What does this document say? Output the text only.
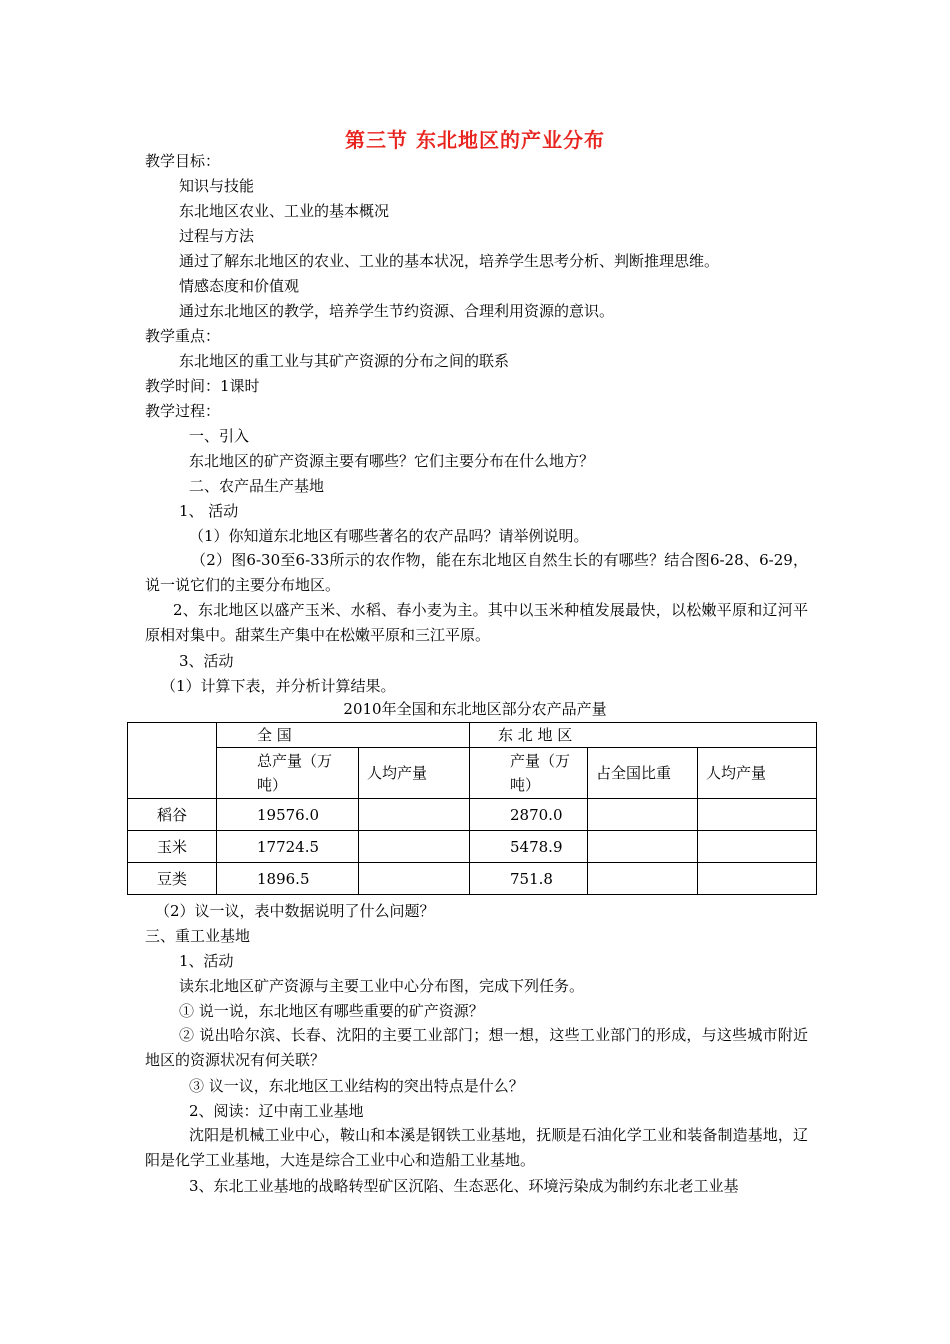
第三节 东北地区的产业分布
教学目标：
知识与技能
东北地区农业、工业的基本概况
过程与方法
通过了解东北地区的农业、工业的基本状况，培养学生思考分析、判断推理思维。
情感态度和价值观
通过东北地区的教学，培养学生节约资源、合理利用资源的意识。
教学重点：
东北地区的重工业与其矿产资源的分布之间的联系
教学时间：1课时
教学过程：
一、引入
东北地区的矿产资源主要有哪些？它们主要分布在什么地方？
二、农产品生产基地
1、 活动
（1）你知道东北地区有哪些著名的农产品吗？请举例说明。
（2）图6-30至6-33所示的农作物，能在东北地区自然生长的有哪些？结合图6-28、6-29，说一说它们的主要分布地区。
2、东北地区以盛产玉米、水稻、春小麦为主。其中以玉米种植发展最快，以松嫩平原和辽河平原相对集中。甜菜生产集中在松嫩平原和三江平原。
3、活动
（1）计算下表，并分析计算结果。
2010年全国和东北地区部分农产品产量
	全 国		东 北 地 区		
	总产量（万吨）	人均产量	产量（万吨）	占全国比重	人均产量
稻谷	19576.0		2870.0		
玉米	17724.5		5478.9		
豆类	1896.5		751.8		
（2）议一议，表中数据说明了什么问题？
三、重工业基地
1、活动
读东北地区矿产资源与主要工业中心分布图，完成下列任务。
① 说一说，东北地区有哪些重要的矿产资源？
② 说出哈尔滨、长春、沈阳的主要工业部门；想一想，这些工业部门的形成，与这些城市附近地区的资源状况有何关联？
③ 议一议，东北地区工业结构的突出特点是什么？
2、阅读：辽中南工业基地
沈阳是机械工业中心，鞍山和本溪是钢铁工业基地，抚顺是石油化学工业和装备制造基地，辽阳是化学工业基地，大连是综合工业中心和造船工业基地。
3、东北工业基地的战略转型矿区沉陷、生态恶化、环境污染成为制约东北老工业基
